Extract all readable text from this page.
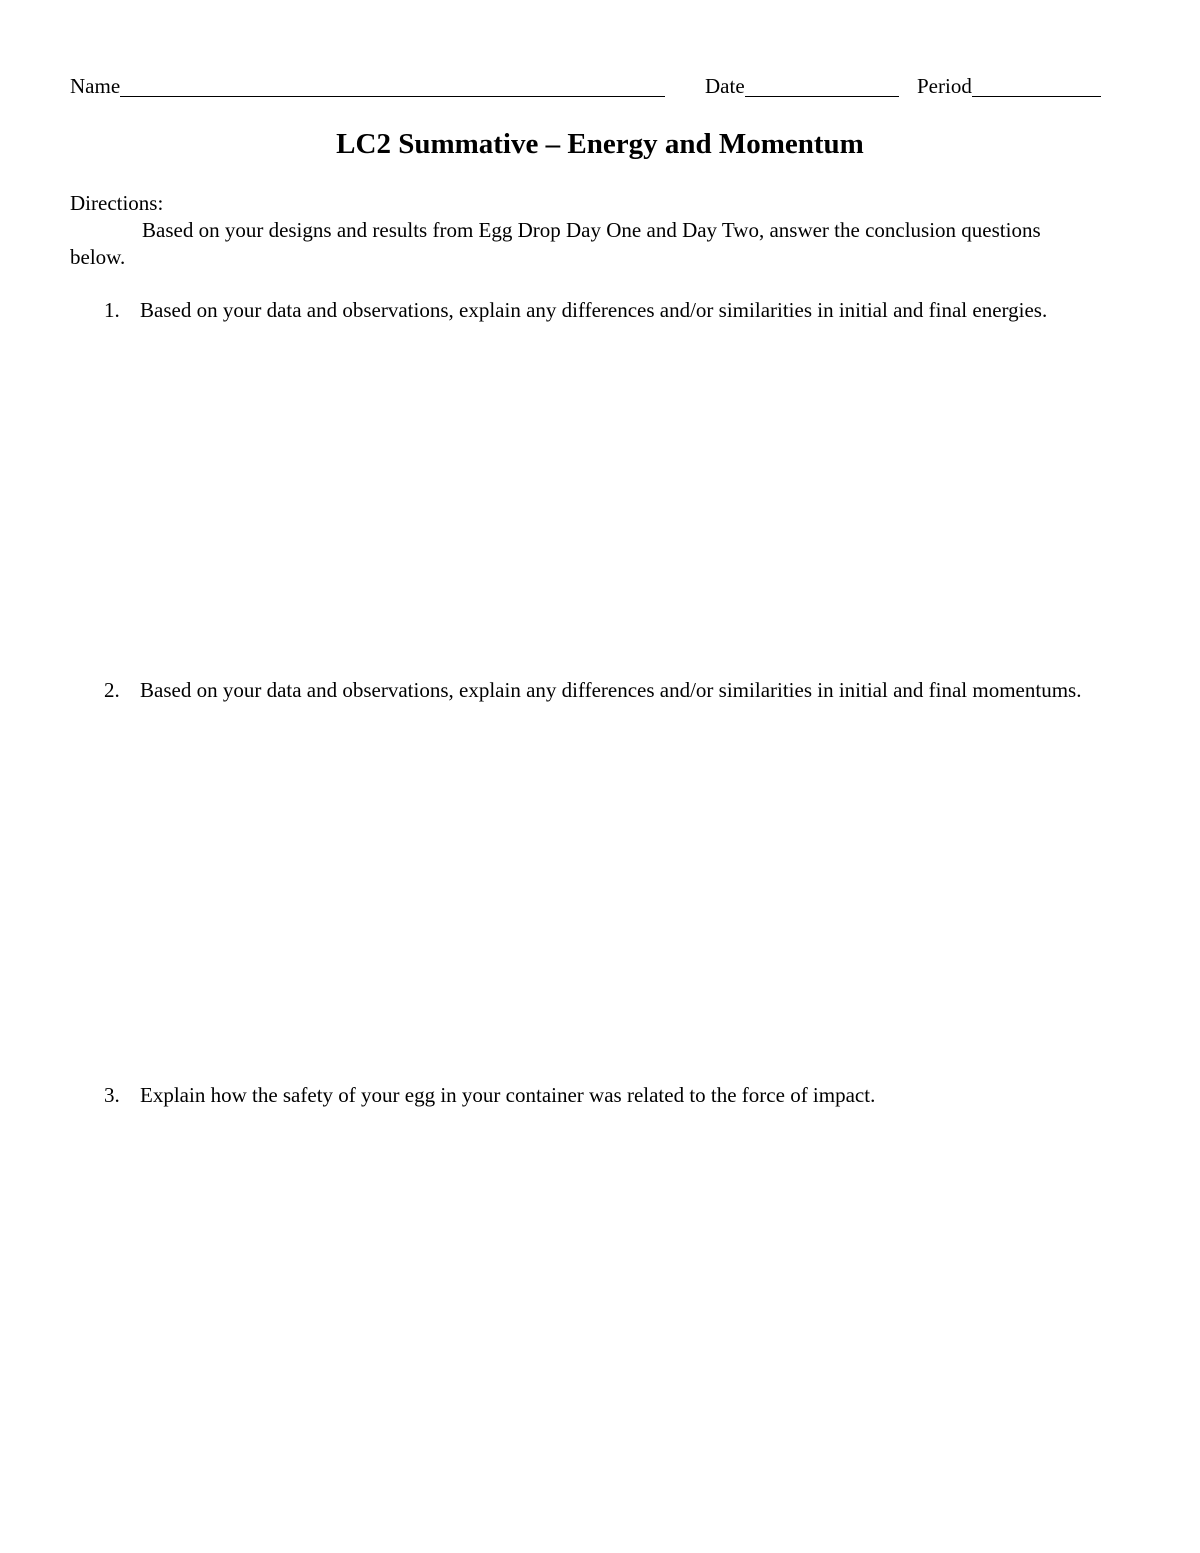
Name	Date	Period
LC2 Summative – Energy and Momentum
Directions:
Based on your designs and results from Egg Drop Day One and Day Two, answer the conclusion questions below.
1. Based on your data and observations, explain any differences and/or similarities in initial and final energies.
2. Based on your data and observations, explain any differences and/or similarities in initial and final momentums.
3. Explain how the safety of your egg in your container was related to the force of impact.
